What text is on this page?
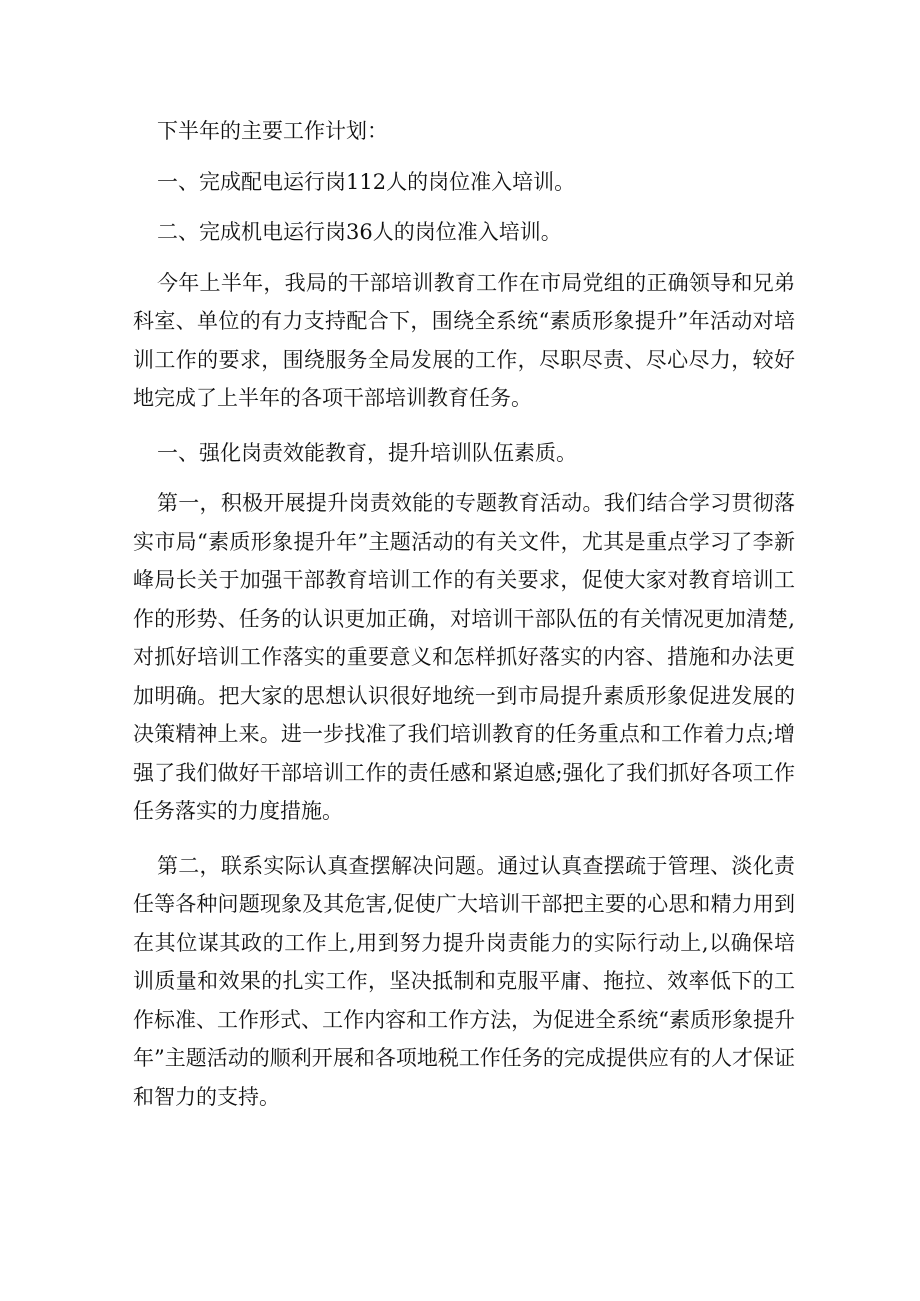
下半年的主要工作计划：

一、完成配电运行岗112人的岗位准入培训。

二、完成机电运行岗36人的岗位准入培训。

今年上半年，我局的干部培训教育工作在市局党组的正确领导和兄弟科室、单位的有力支持配合下，围绕全系统“素质形象提升”年活动对培训工作的要求，围绕服务全局发展的工作，尽职尽责、尽心尽力，较好地完成了上半年的各项干部培训教育任务。

一、强化岗责效能教育，提升培训队伍素质。

第一，积极开展提升岗责效能的专题教育活动。我们结合学习贯彻落实市局“素质形象提升年”主题活动的有关文件，尤其是重点学习了李新峰局长关于加强干部教育培训工作的有关要求，促使大家对教育培训工作的形势、任务的认识更加正确，对培训干部队伍的有关情况更加清楚,对抓好培训工作落实的重要意义和怎样抓好落实的内容、措施和办法更加明确。把大家的思想认识很好地统一到市局提升素质形象促进发展的决策精神上来。进一步找准了我们培训教育的任务重点和工作着力点;增强了我们做好干部培训工作的责任感和紧迫感;强化了我们抓好各项工作任务落实的力度措施。

第二，联系实际认真查摆解决问题。通过认真查摆疏于管理、淡化责任等各种问题现象及其危害,促使广大培训干部把主要的心思和精力用到在其位谋其政的工作上,用到努力提升岗责能力的实际行动上,以确保培训质量和效果的扎实工作，坚决抵制和克服平庸、拖拉、效率低下的工作标准、工作形式、工作内容和工作方法，为促进全系统“素质形象提升年”主题活动的顺利开展和各项地税工作任务的完成提供应有的人才保证和智力的支持。
